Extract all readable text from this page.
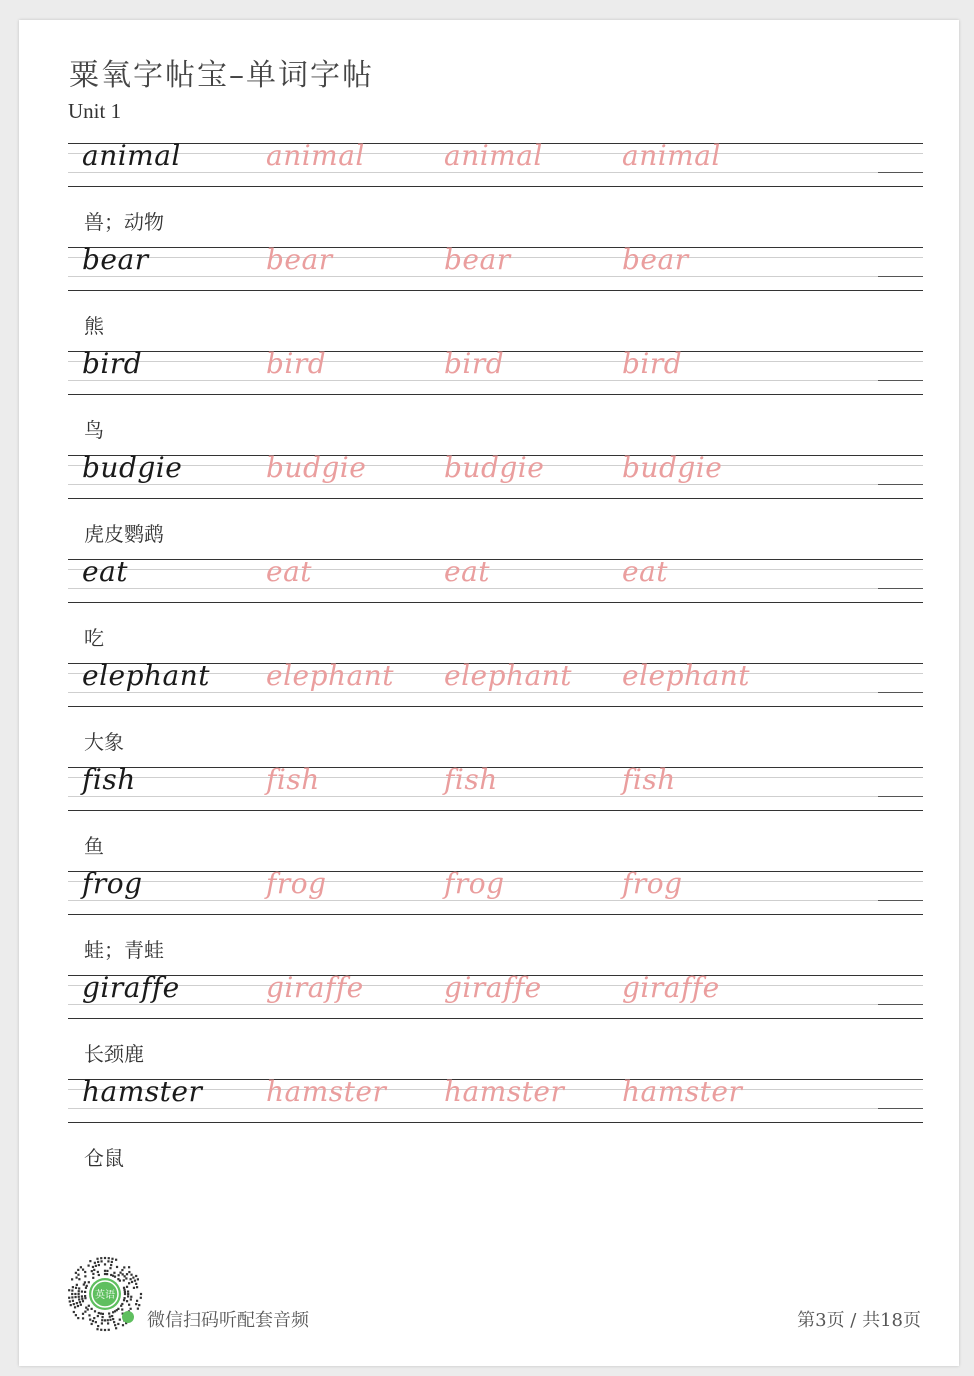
粟氧字帖宝–单词字帖
Unit 1
animal	animal	animal	animal
兽；动物
bear	bear	bear	bear
熊
bird	bird	bird	bird
鸟
budgie	budgie	budgie	budgie
虎皮鹦鹉
eat	eat	eat	eat
吃
elephant elephant elephant elephant
大象
fish	fish	fish	fish
鱼
frog	frog	frog	frog
蛙；青蛙
giraffe	giraffe	giraffe	giraffe
长颈鹿
hamster hamster hamster hamster
仓鼠
英语
微信扫码听配套音频	第3页 / 共18页
